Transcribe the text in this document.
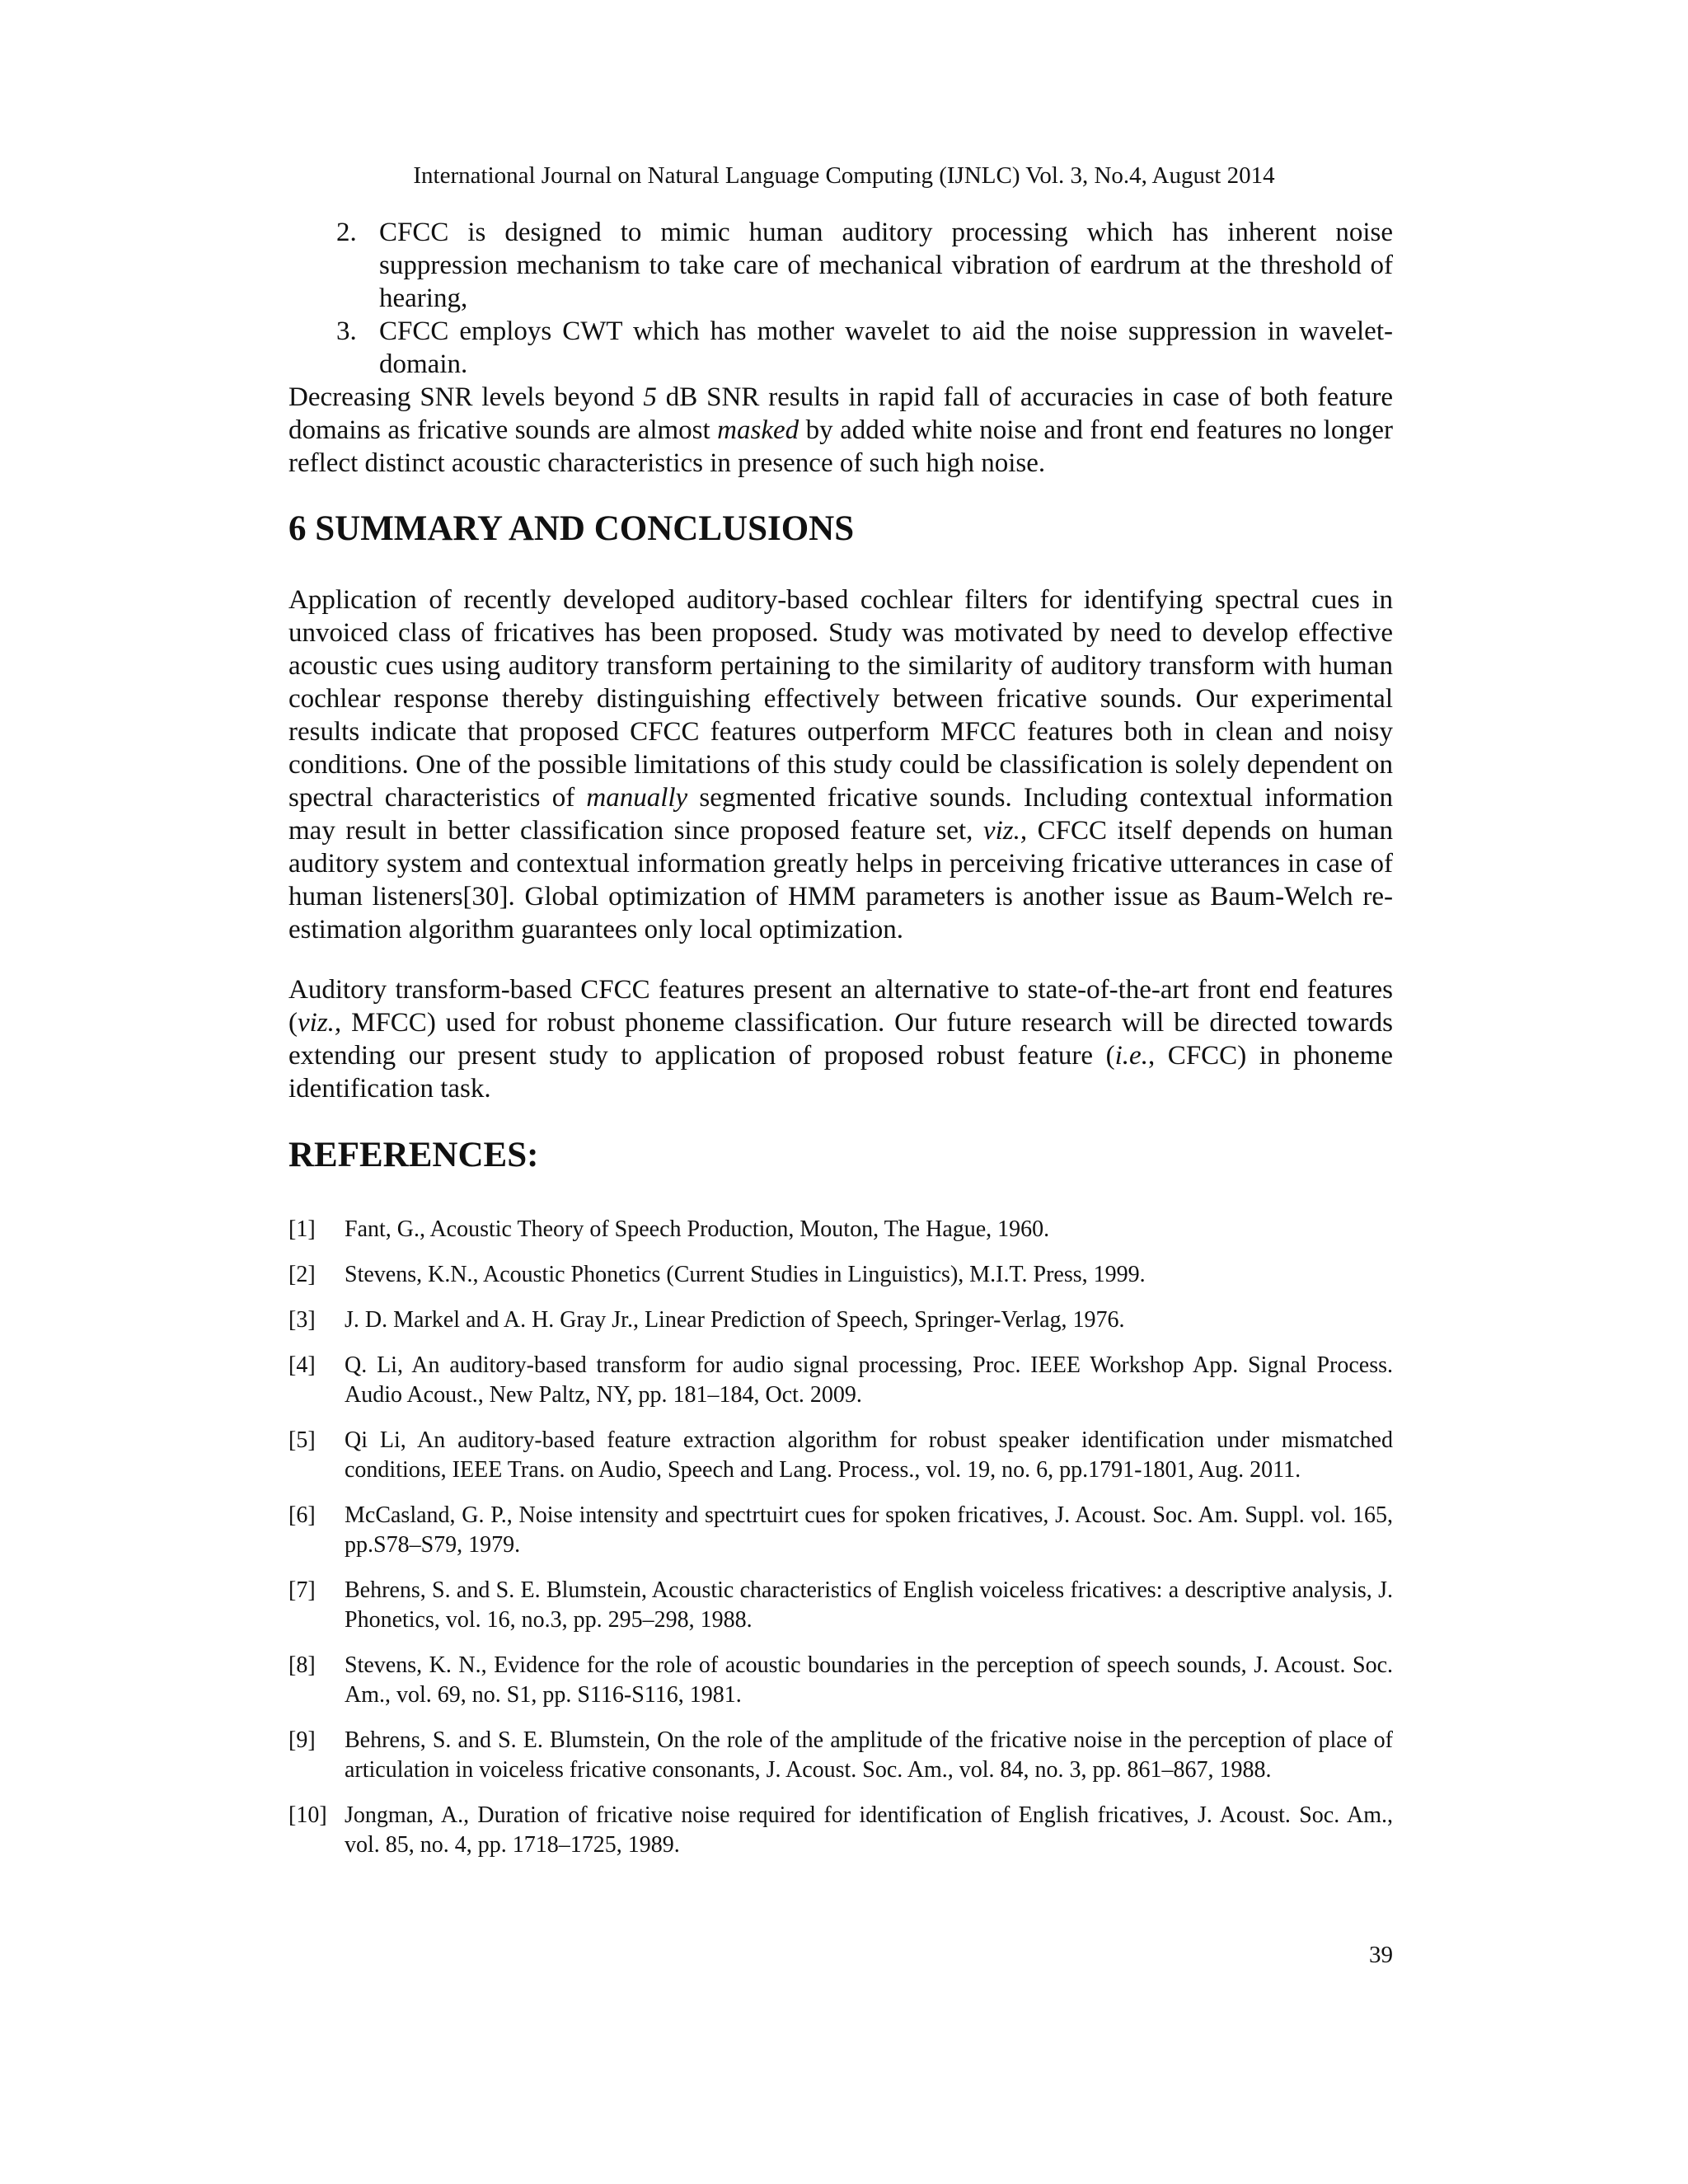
International Journal on Natural Language Computing (IJNLC) Vol. 3, No.4, August 2014
2. CFCC is designed to mimic human auditory processing which has inherent noise suppression mechanism to take care of mechanical vibration of eardrum at the threshold of hearing,
3. CFCC employs CWT which has mother wavelet to aid the noise suppression in wavelet-domain.

Decreasing SNR levels beyond 5 dB SNR results in rapid fall of accuracies in case of both feature domains as fricative sounds are almost masked by added white noise and front end features no longer reflect distinct acoustic characteristics in presence of such high noise.

6 SUMMARY AND CONCLUSIONS

Application of recently developed auditory-based cochlear filters for identifying spectral cues in unvoiced class of fricatives has been proposed. Study was motivated by need to develop effective acoustic cues using auditory transform pertaining to the similarity of auditory transform with human cochlear response thereby distinguishing effectively between fricative sounds. Our experimental results indicate that proposed CFCC features outperform MFCC features both in clean and noisy conditions. One of the possible limitations of this study could be classification is solely dependent on spectral characteristics of manually segmented fricative sounds. Including contextual information may result in better classification since proposed feature set, viz., CFCC itself depends on human auditory system and contextual information greatly helps in perceiving fricative utterances in case of human listeners[30]. Global optimization of HMM parameters is another issue as Baum-Welch re-estimation algorithm guarantees only local optimization.

Auditory transform-based CFCC features present an alternative to state-of-the-art front end features (viz., MFCC) used for robust phoneme classification. Our future research will be directed towards extending our present study to application of proposed robust feature (i.e., CFCC) in phoneme identification task.

REFERENCES:
[1] Fant, G., Acoustic Theory of Speech Production, Mouton, The Hague, 1960.
[2] Stevens, K.N., Acoustic Phonetics (Current Studies in Linguistics), M.I.T. Press, 1999.
[3] J. D. Markel and A. H. Gray Jr., Linear Prediction of Speech, Springer-Verlag, 1976.
[4] Q. Li, An auditory-based transform for audio signal processing, Proc. IEEE Workshop App. Signal Process. Audio Acoust., New Paltz, NY, pp. 181–184, Oct. 2009.
[5] Qi Li, An auditory-based feature extraction algorithm for robust speaker identification under mismatched conditions, IEEE Trans. on Audio, Speech and Lang. Process., vol. 19, no. 6, pp.1791-1801, Aug. 2011.
[6] McCasland, G. P., Noise intensity and spectrtuirt cues for spoken fricatives, J. Acoust. Soc. Am. Suppl. vol. 165, pp.S78–S79, 1979.
[7] Behrens, S. and S. E. Blumstein, Acoustic characteristics of English voiceless fricatives: a descriptive analysis, J. Phonetics, vol. 16, no.3, pp. 295–298, 1988.
[8] Stevens, K. N., Evidence for the role of acoustic boundaries in the perception of speech sounds, J. Acoust. Soc. Am., vol. 69, no. S1, pp. S116-S116, 1981.
[9] Behrens, S. and S. E. Blumstein, On the role of the amplitude of the fricative noise in the perception of place of articulation in voiceless fricative consonants, J. Acoust. Soc. Am., vol. 84, no. 3, pp. 861–867, 1988.
[10] Jongman, A., Duration of fricative noise required for identification of English fricatives, J. Acoust. Soc. Am., vol. 85, no. 4, pp. 1718–1725, 1989.
39
